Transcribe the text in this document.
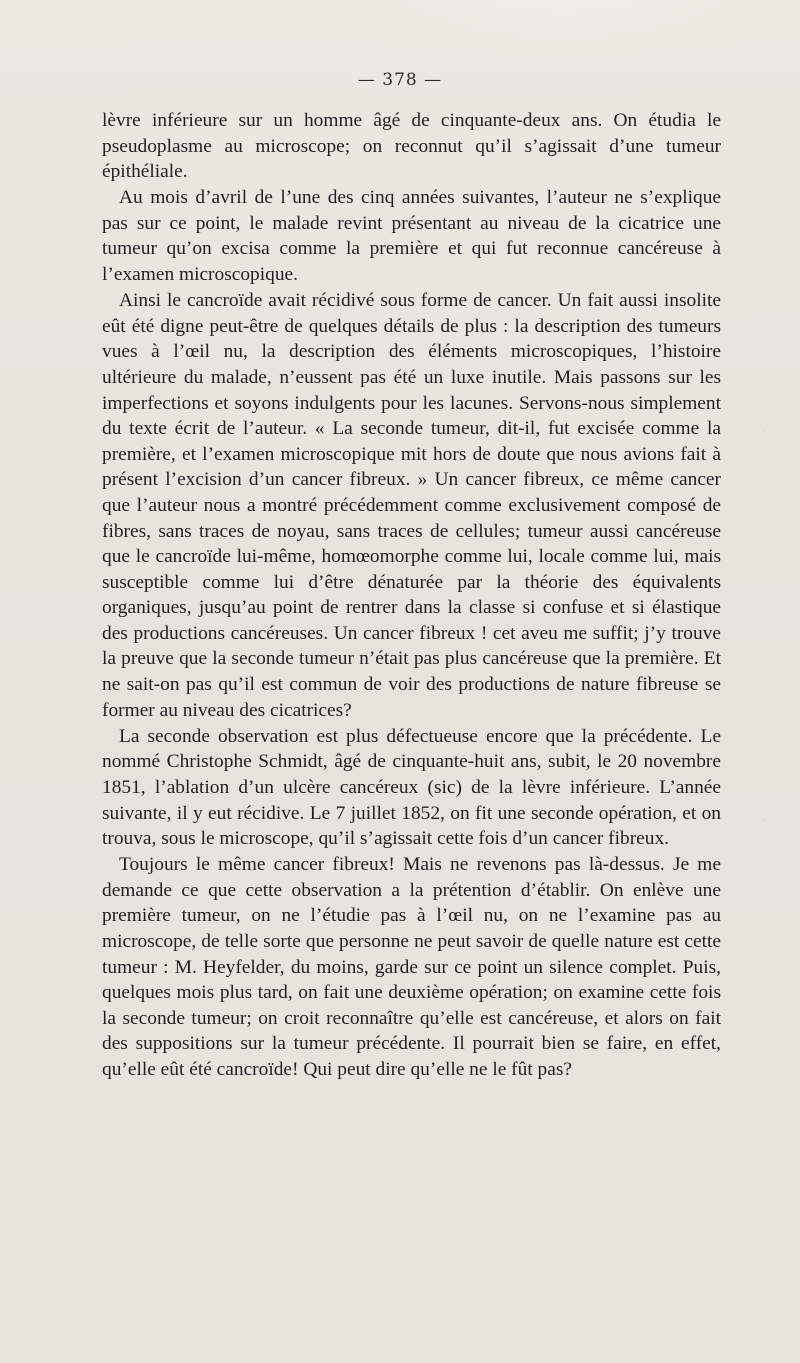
— 378 —

lèvre inférieure sur un homme âgé de cinquante-deux ans. On étudia le pseudoplasme au microscope; on reconnut qu’il s’agissait d’une tumeur épithéliale.

Au mois d’avril de l’une des cinq années suivantes, l’auteur ne s’explique pas sur ce point, le malade revint présentant au niveau de la cicatrice une tumeur qu’on excisa comme la première et qui fut reconnue cancéreuse à l’examen microscopique.

Ainsi le cancroïde avait récidivé sous forme de cancer. Un fait aussi insolite eût été digne peut-être de quelques détails de plus : la description des tumeurs vues à l’œil nu, la description des éléments microscopiques, l’histoire ultérieure du malade, n’eussent pas été un luxe inutile. Mais passons sur les imperfections et soyons indulgents pour les lacunes. Servons-nous simplement du texte écrit de l’auteur. « La seconde tumeur, dit-il, fut excisée comme la première, et l’examen microscopique mit hors de doute que nous avions fait à présent l’excision d’un cancer fibreux. » Un cancer fibreux, ce même cancer que l’auteur nous a montré précédemment comme exclusivement composé de fibres, sans traces de noyau, sans traces de cellules; tumeur aussi cancéreuse que le cancroïde lui-même, homœomorphe comme lui, locale comme lui, mais susceptible comme lui d’être dénaturée par la théorie des équivalents organiques, jusqu’au point de rentrer dans la classe si confuse et si élastique des productions cancéreuses. Un cancer fibreux ! cet aveu me suffit; j’y trouve la preuve que la seconde tumeur n’était pas plus cancéreuse que la première. Et ne sait-on pas qu’il est commun de voir des productions de nature fibreuse se former au niveau des cicatrices?

La seconde observation est plus défectueuse encore que la précédente. Le nommé Christophe Schmidt, âgé de cinquante-huit ans, subit, le 20 novembre 1851, l’ablation d’un ulcère cancéreux (sic) de la lèvre inférieure. L’année suivante, il y eut récidive. Le 7 juillet 1852, on fit une seconde opération, et on trouva, sous le microscope, qu’il s’agissait cette fois d’un cancer fibreux.

Toujours le même cancer fibreux! Mais ne revenons pas là-dessus. Je me demande ce que cette observation a la prétention d’établir. On enlève une première tumeur, on ne l’étudie pas à l’œil nu, on ne l’examine pas au microscope, de telle sorte que personne ne peut savoir de quelle nature est cette tumeur : M. Heyfelder, du moins, garde sur ce point un silence complet. Puis, quelques mois plus tard, on fait une deuxième opération; on examine cette fois la seconde tumeur; on croit reconnaître qu’elle est cancéreuse, et alors on fait des suppositions sur la tumeur précédente. Il pourrait bien se faire, en effet, qu’elle eût été cancroïde! Qui peut dire qu’elle ne le fût pas?
